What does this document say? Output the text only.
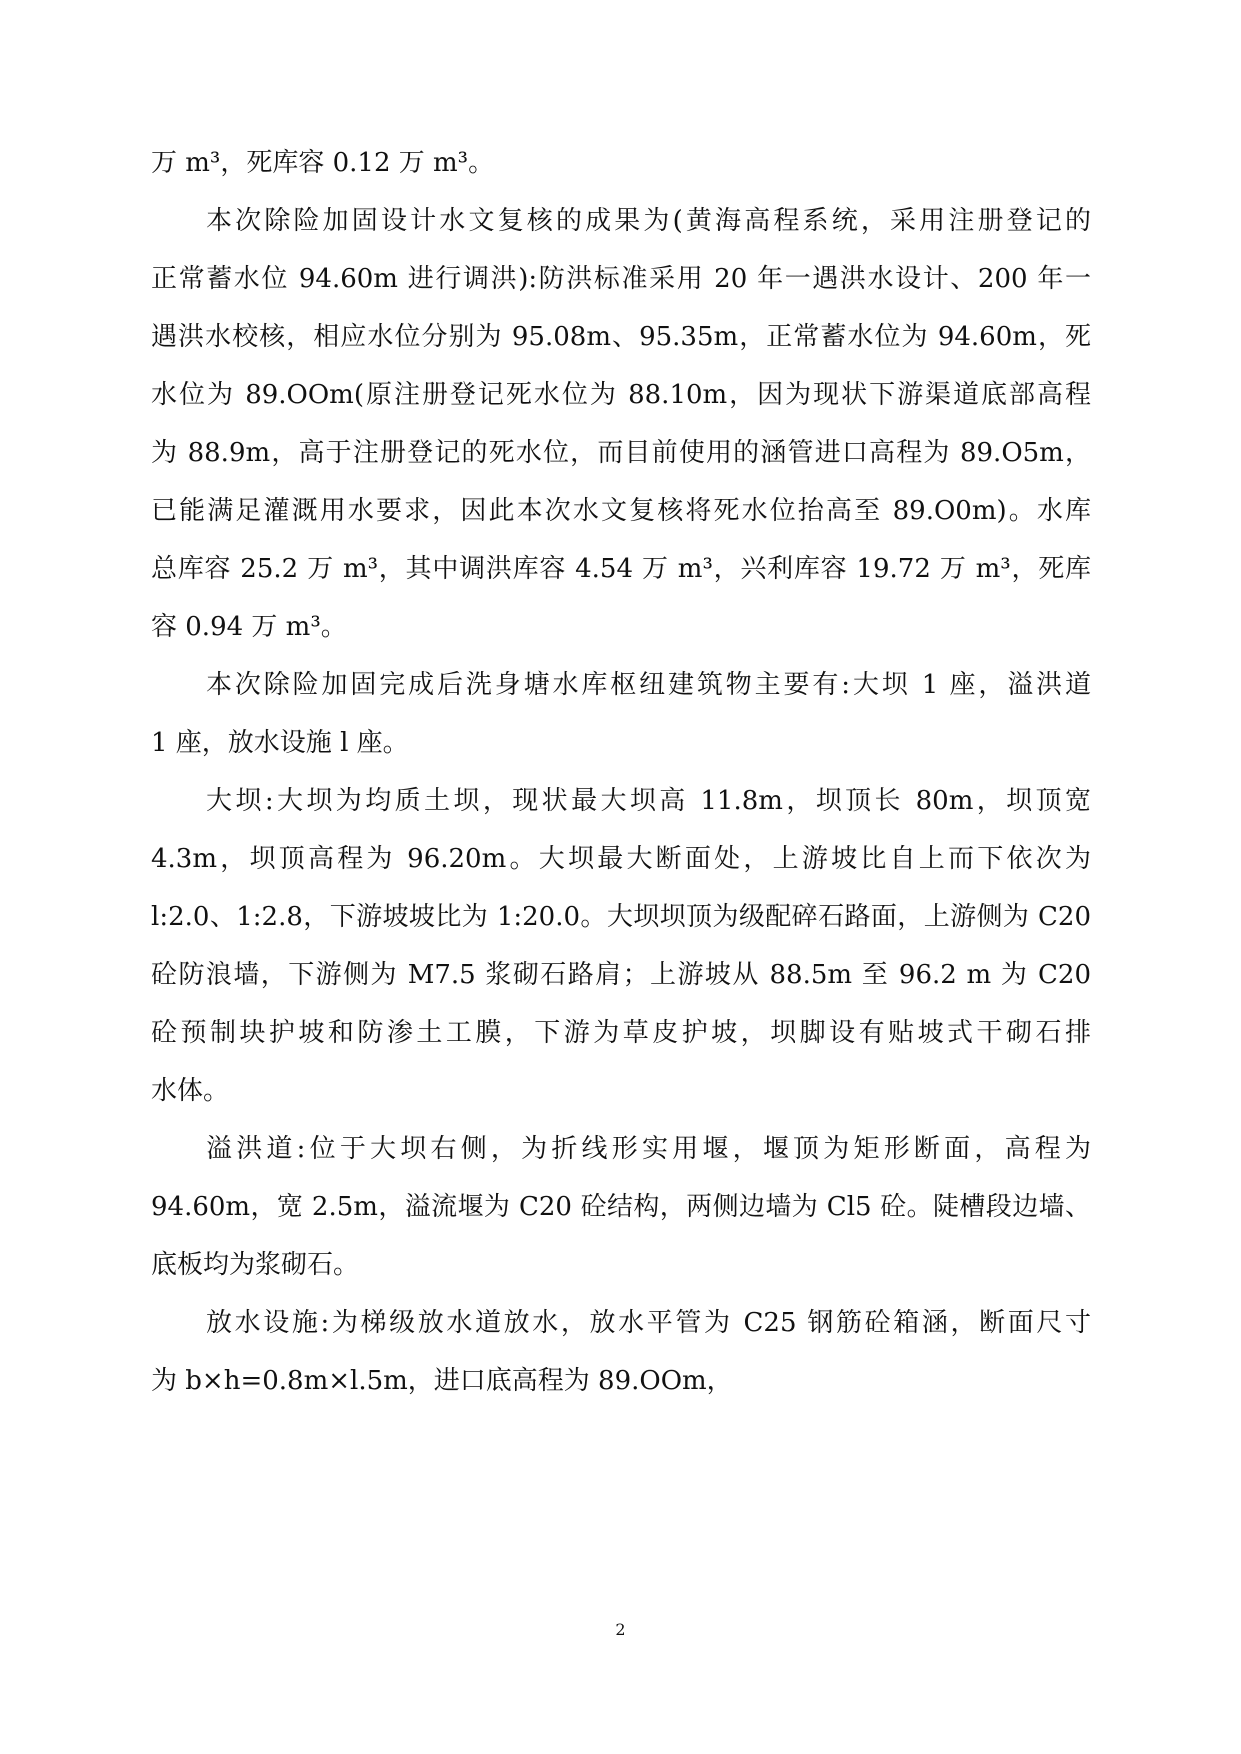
万 m³，死库容 0.12 万 m³。
本次除险加固设计水文复核的成果为(黄海高程系统，采用注册登记的
正常蓄水位 94.60m 进行调洪):防洪标准采用 20 年一遇洪水设计、200 年一
遇洪水校核，相应水位分别为 95.08m、95.35m，正常蓄水位为 94.60m，死
水位为 89.OOm(原注册登记死水位为 88.10m，因为现状下游渠道底部高程
为 88.9m，高于注册登记的死水位，而目前使用的涵管进口高程为 89.O5m，
已能满足灌溉用水要求，因此本次水文复核将死水位抬高至 89.O0m)。水库
总库容 25.2 万 m³，其中调洪库容 4.54 万 m³，兴利库容 19.72 万 m³，死库
容 0.94 万 m³。
本次除险加固完成后洗身塘水库枢纽建筑物主要有:大坝 1 座，溢洪道
1 座，放水设施 l 座。
大坝:大坝为均质土坝，现状最大坝高 11.8m，坝顶长 80m，坝顶宽
4.3m，坝顶高程为 96.20m。大坝最大断面处，上游坡比自上而下依次为
l:2.0、1:2.8，下游坡坡比为 1:20.0。大坝坝顶为级配碎石路面，上游侧为 C20
砼防浪墙，下游侧为 M7.5 浆砌石路肩；上游坡从 88.5m 至 96.2 m 为 C20
砼预制块护坡和防渗土工膜，下游为草皮护坡，坝脚设有贴坡式干砌石排
水体。
溢洪道:位于大坝右侧，为折线形实用堰，堰顶为矩形断面，高程为
94.60m，宽 2.5m，溢流堰为 C20 砼结构，两侧边墙为 Cl5 砼。陡槽段边墙、
底板均为浆砌石。
放水设施:为梯级放水道放水，放水平管为 C25 钢筋砼箱涵，断面尺寸
为 b×h=0.8m×l.5m，进口底高程为 89.OOm，
2
